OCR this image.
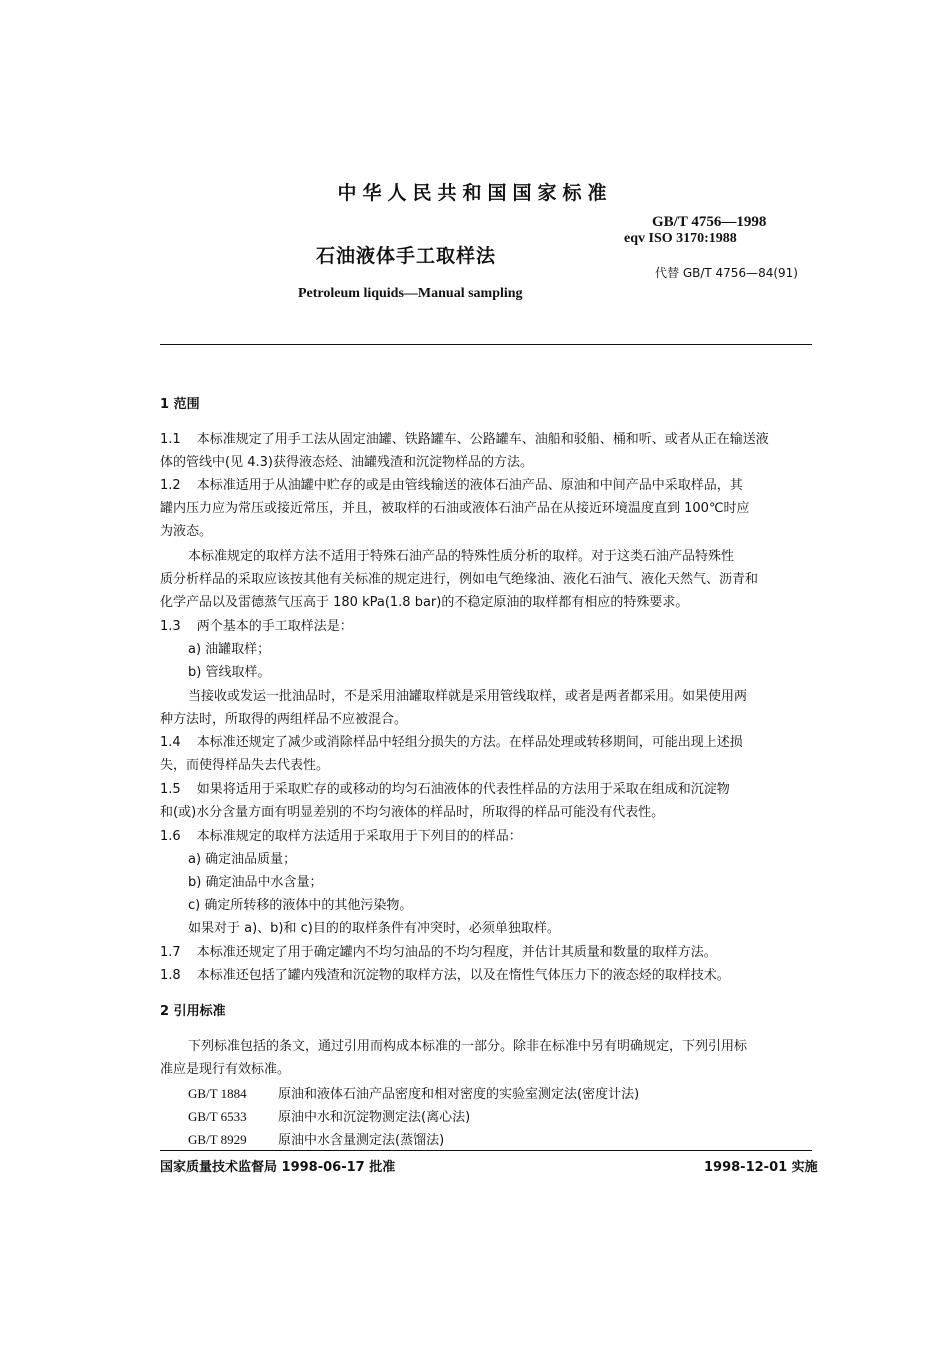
中华人民共和国国家标准
GB/T 4756—1998
eqv ISO 3170:1988
石油液体手工取样法
代替 GB/T 4756—84(91)
Petroleum liquids—Manual sampling
1 范围
1.1 本标准规定了用手工法从固定油罐、铁路罐车、公路罐车、油船和驳船、桶和听、或者从正在输送液
体的管线中(见 4.3)获得液态烃、油罐残渣和沉淀物样品的方法。
1.2 本标准适用于从油罐中贮存的或是由管线输送的液体石油产品、原油和中间产品中采取样品，其
罐内压力应为常压或接近常压，并且，被取样的石油或液体石油产品在从接近环境温度直到 100℃时应
为液态。
本标准规定的取样方法不适用于特殊石油产品的特殊性质分析的取样。对于这类石油产品特殊性
质分析样品的采取应该按其他有关标准的规定进行，例如电气绝缘油、液化石油气、液化天然气、沥青和
化学产品以及雷德蒸气压高于 180 kPa(1.8 bar)的不稳定原油的取样都有相应的特殊要求。
1.3 两个基本的手工取样法是：
a) 油罐取样；
b) 管线取样。
当接收或发运一批油品时，不是采用油罐取样就是采用管线取样，或者是两者都采用。如果使用两
种方法时，所取得的两组样品不应被混合。
1.4 本标准还规定了减少或消除样品中轻组分损失的方法。在样品处理或转移期间，可能出现上述损
失，而使得样品失去代表性。
1.5 如果将适用于采取贮存的或移动的均匀石油液体的代表性样品的方法用于采取在组成和沉淀物
和(或)水分含量方面有明显差别的不均匀液体的样品时，所取得的样品可能没有代表性。
1.6 本标准规定的取样方法适用于采取用于下列目的的样品：
a) 确定油品质量；
b) 确定油品中水含量；
c) 确定所转移的液体中的其他污染物。
如果对于 a)、b)和 c)目的的取样条件有冲突时，必须单独取样。
1.7 本标准还规定了用于确定罐内不均匀油品的不均匀程度，并估计其质量和数量的取样方法。
1.8 本标准还包括了罐内残渣和沉淀物的取样方法，以及在惰性气体压力下的液态烃的取样技术。
2 引用标准
下列标准包括的条文，通过引用而构成本标准的一部分。除非在标准中另有明确规定，下列引用标
准应是现行有效标准。
GB/T 1884 原油和液体石油产品密度和相对密度的实验室测定法(密度计法)
GB/T 6533 原油中水和沉淀物测定法(离心法)
GB/T 8929 原油中水含量测定法(蒸馏法)
国家质量技术监督局 1998-06-17 批准	1998-12-01 实施
